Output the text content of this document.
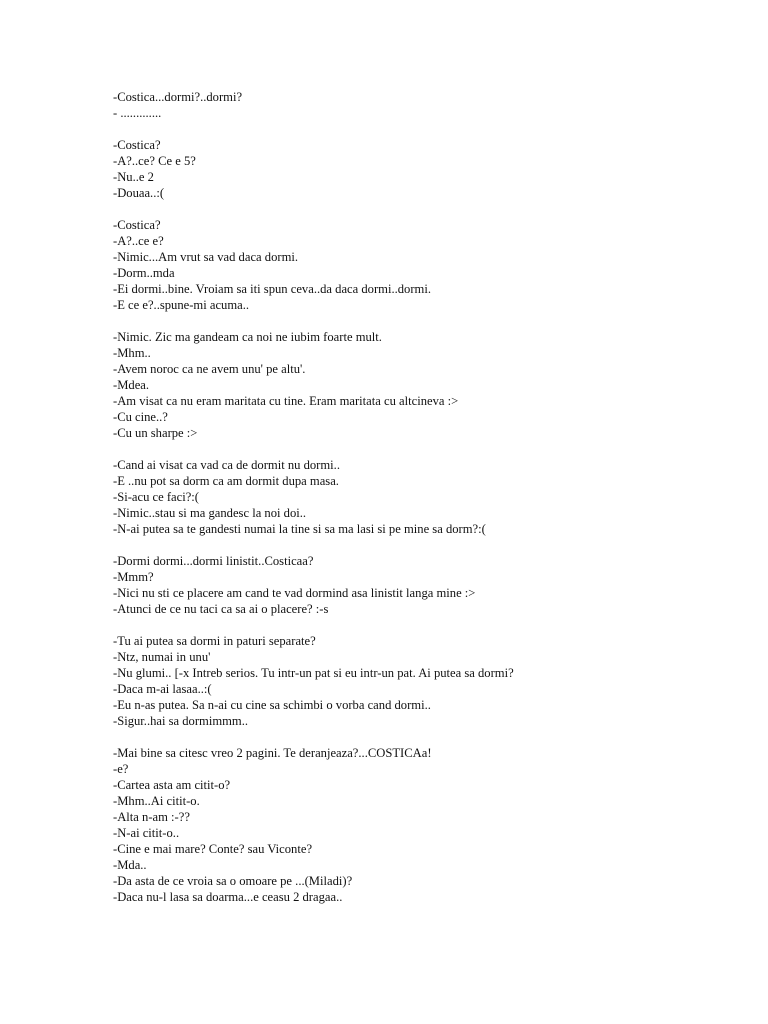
-Costica...dormi?..dormi?
- .............
-Costica?
-A?..ce? Ce e 5?
-Nu..e 2
-Douaa..:(
-Costica?
-A?..ce e?
-Nimic...Am vrut sa vad daca dormi.
-Dorm..mda
-Ei dormi..bine. Vroiam sa iti spun ceva..da daca dormi..dormi.
-E ce e?..spune-mi acuma..
-Nimic. Zic ma gandeam ca noi ne iubim foarte mult.
-Mhm..
-Avem noroc ca ne avem unu' pe altu'.
-Mdea.
-Am visat ca nu eram maritata cu tine. Eram maritata cu altcineva :>
-Cu cine..?
-Cu un sharpe :>
-Cand ai visat ca vad ca de dormit nu dormi..
-E ..nu pot sa dorm ca am dormit dupa masa.
-Si-acu ce faci?:(
-Nimic..stau si ma gandesc la noi doi..
-N-ai putea sa te gandesti numai la tine si sa ma lasi si pe mine sa dorm?:(
-Dormi dormi...dormi linistit..Costicaa?
-Mmm?
-Nici nu sti ce placere am cand te vad dormind asa linistit langa mine :>
-Atunci de ce nu taci ca sa ai o placere? :-s
-Tu ai putea sa dormi in paturi separate?
-Ntz, numai in unu'
-Nu glumi.. [-x Intreb serios. Tu intr-un pat si eu intr-un pat. Ai putea sa dormi?
-Daca m-ai lasaa..:(
-Eu n-as putea. Sa n-ai cu cine sa schimbi o vorba cand dormi..
-Sigur..hai sa dormimmm..
-Mai bine sa citesc vreo 2 pagini. Te deranjeaza?...COSTICAa!
-e?
-Cartea asta am citit-o?
-Mhm..Ai citit-o.
-Alta n-am :-??
-N-ai citit-o..
-Cine e mai mare? Conte? sau Viconte?
-Mda..
-Da asta de ce vroia sa o omoare pe ...(Miladi)?
-Daca nu-l lasa sa doarma...e ceasu 2 dragaa..
